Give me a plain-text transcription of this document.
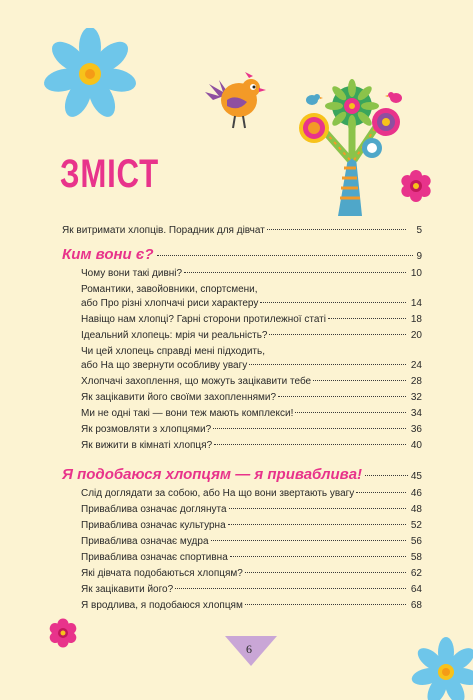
ЗМІСТ
Як витримати хлопців. Порадник для дівчат	5
Ким вони є?	9
Чому вони такі дивні?	10
Романтики, завойовники, спортсмени,
або Про різні хлопчачі риси характеру	14
Навіщо нам хлопці? Гарні сторони протилежної статі	18
Ідеальний хлопець: мрія чи реальність?	20
Чи цей хлопець справді мені підходить,
або На що звернути особливу увагу	24
Хлопчачі захоплення, що можуть зацікавити тебе	28
Як зацікавити його своїми захопленнями?	32
Ми не одні такі — вони теж мають комплекси!	34
Як розмовляти з хлопцями?	36
Як вижити в кімнаті хлопця?	40
Я подобаюся хлопцям — я привабливa!	45
Слід доглядати за собою, або На що вони звертають увагу	46
Приваблива означає доглянута	48
Приваблива означає культурна	52
Приваблива означає мудра	56
Приваблива означає спортивна	58
Які дівчата подобаються хлопцям?	62
Як зацікавити його?	64
Я вродлива, я подобаюся хлопцям	68
6
